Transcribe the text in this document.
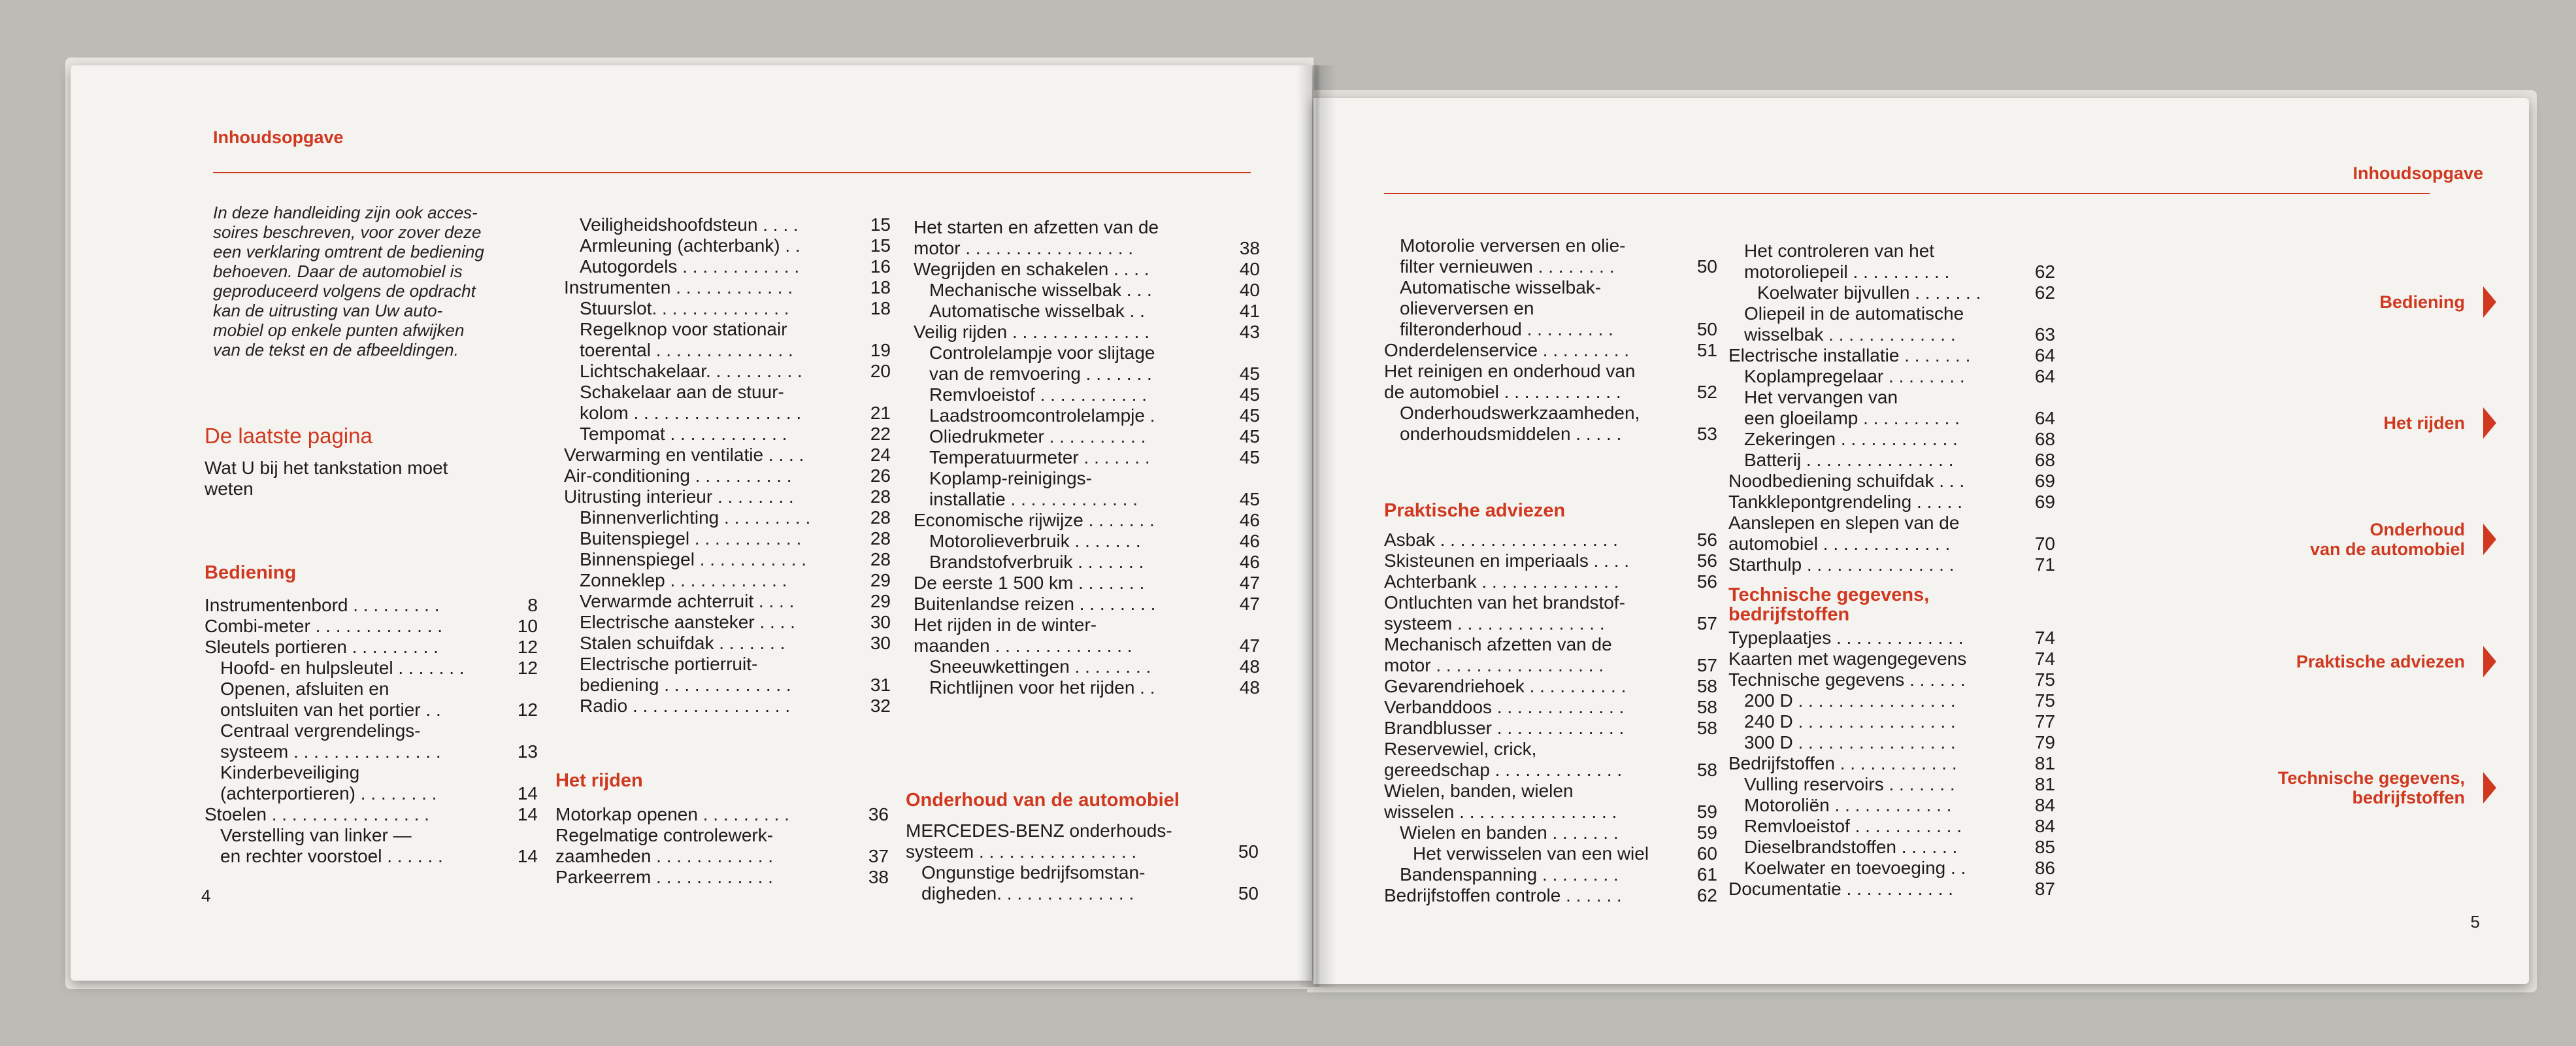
Inhoudsopgave
In deze handleiding zijn ook acces-
soires beschreven, voor zover deze
een verklaring omtrent de bediening
behoeven. Daar de automobiel is
geproduceerd volgens de opdracht
kan de uitrusting van Uw auto-
mobiel op enkele punten afwijken
van de tekst en de afbeeldingen.
De laatste pagina
Wat U bij het tankstation moet
weten
Bediening
Instrumentenbord . . . . . . . . .	8
Combi-meter . . . . . . . . . . . . .	10
Sleutels portieren . . . . . . . . .	12
Hoofd- en hulpsleutel . . . . . . .	12
Openen, afsluiten en
ontsluiten van het portier . .	12
Centraal vergrendelings-
systeem . . . . . . . . . . . . . . .	13
Kinderbeveiliging
(achterportieren) . . . . . . . .	14
Stoelen . . . . . . . . . . . . . . . .	14
Verstelling van linker —
en rechter voorstoel . . . . . .	14
Veiligheidshoofdsteun . . . .	15
Armleuning (achterbank) . .	15
Autogordels . . . . . . . . . . . .	16
Instrumenten . . . . . . . . . . . .	18
Stuurslot. . . . . . . . . . . . . .	18
Regelknop voor stationair
toerental . . . . . . . . . . . . . .	19
Lichtschakelaar. . . . . . . . . .	20
Schakelaar aan de stuur-
kolom . . . . . . . . . . . . . . . . .	21
Tempomat . . . . . . . . . . . .	22
Verwarming en ventilatie . . . .	24
Air-conditioning . . . . . . . . . .	26
Uitrusting interieur . . . . . . . .	28
Binnenverlichting . . . . . . . . .	28
Buitenspiegel . . . . . . . . . . .	28
Binnenspiegel . . . . . . . . . . .	28
Zonneklep . . . . . . . . . . . .	29
Verwarmde achterruit . . . .	29
Electrische aansteker . . . .	30
Stalen schuifdak . . . . . . .	30
Electrische portierruit-
bediening . . . . . . . . . . . . .	31
Radio . . . . . . . . . . . . . . . .	32
Het rijden
Motorkap openen . . . . . . . . .	36
Regelmatige controlewerk-
zaamheden . . . . . . . . . . . .	37
Parkeerrem . . . . . . . . . . . .	38
Het starten en afzetten van de
motor . . . . . . . . . . . . . . . . .	38
Wegrijden en schakelen . . . .	40
Mechanische wisselbak . . .	40
Automatische wisselbak . .	41
Veilig rijden . . . . . . . . . . . . . .	43
Controlelampje voor slijtage
van de remvoering . . . . . . .	45
Remvloeistof . . . . . . . . . . .	45
Laadstroomcontrolelampje .	45
Oliedrukmeter . . . . . . . . . .	45
Temperatuurmeter . . . . . . .	45
Koplamp-reinigings-
installatie . . . . . . . . . . . . .	45
Economische rijwijze . . . . . . .	46
Motorolieverbruik . . . . . . .	46
Brandstofverbruik . . . . . . .	46
De eerste 1 500 km . . . . . . .	47
Buitenlandse reizen . . . . . . . .	47
Het rijden in de winter-
maanden . . . . . . . . . . . . . .	47
Sneeuwkettingen . . . . . . . .	48
Richtlijnen voor het rijden . .	48
Onderhoud van de automobiel
MERCEDES-BENZ onderhouds-
systeem . . . . . . . . . . . . . . . .	50
Ongunstige bedrijfsomstan-
digheden. . . . . . . . . . . . . .	50
4
Inhoudsopgave
Motorolie verversen en olie-
filter vernieuwen . . . . . . . .	50
Automatische wisselbak-
olieverversen en
filteronderhoud . . . . . . . . .	50
Onderdelenservice . . . . . . . . .	51
Het reinigen en onderhoud van
de automobiel . . . . . . . . . . . .	52
Onderhoudswerkzaamheden,
onderhoudsmiddelen . . . . .	53
Praktische adviezen
Asbak . . . . . . . . . . . . . . . . . .	56
Skisteunen en imperiaals . . . .	56
Achterbank . . . . . . . . . . . . . .	56
Ontluchten van het brandstof-
systeem . . . . . . . . . . . . . . .	57
Mechanisch afzetten van de
motor . . . . . . . . . . . . . . . . .	57
Gevarendriehoek . . . . . . . . . .	58
Verbanddoos . . . . . . . . . . . . .	58
Brandblusser . . . . . . . . . . . . .	58
Reservewiel, crick,
gereedschap . . . . . . . . . . . . .	58
Wielen, banden, wielen
wisselen . . . . . . . . . . . . . . . .	59
Wielen en banden . . . . . . .	59
Het verwisselen van een wiel	60
Bandenspanning . . . . . . . .	61
Bedrijfstoffen controle . . . . . .	62
Het controleren van het
motoroliepeil . . . . . . . . . .	62
Koelwater bijvullen . . . . . . .	62
Oliepeil in de automatische
wisselbak . . . . . . . . . . . . .	63
Electrische installatie . . . . . . .	64
Koplampregelaar . . . . . . . .	64
Het vervangen van
een gloeilamp . . . . . . . . . .	64
Zekeringen . . . . . . . . . . . .	68
Batterij . . . . . . . . . . . . . . .	68
Noodbediening schuifdak . . .	69
Tankklepontgrendeling . . . . .	69
Aanslepen en slepen van de
automobiel . . . . . . . . . . . . .	70
Starthulp . . . . . . . . . . . . . . .	71
Technische gegevens,
bedrijfstoffen
Typeplaatjes . . . . . . . . . . . . .	74
Kaarten met wagengegevens	74
Technische gegevens . . . . . .	75
200 D . . . . . . . . . . . . . . . .	75
240 D . . . . . . . . . . . . . . . .	77
300 D . . . . . . . . . . . . . . . .	79
Bedrijfstoffen . . . . . . . . . . . .	81
Vulling reservoirs . . . . . . .	81
Motoroliën . . . . . . . . . . . .	84
Remvloeistof . . . . . . . . . . .	84
Dieselbrandstoffen . . . . . .	85
Koelwater en toevoeging . .	86
Documentatie . . . . . . . . . . .	87
Bediening
Het rijden
Onderhoud
van de automobiel
Praktische adviezen
Technische gegevens,
bedrijfstoffen
5
